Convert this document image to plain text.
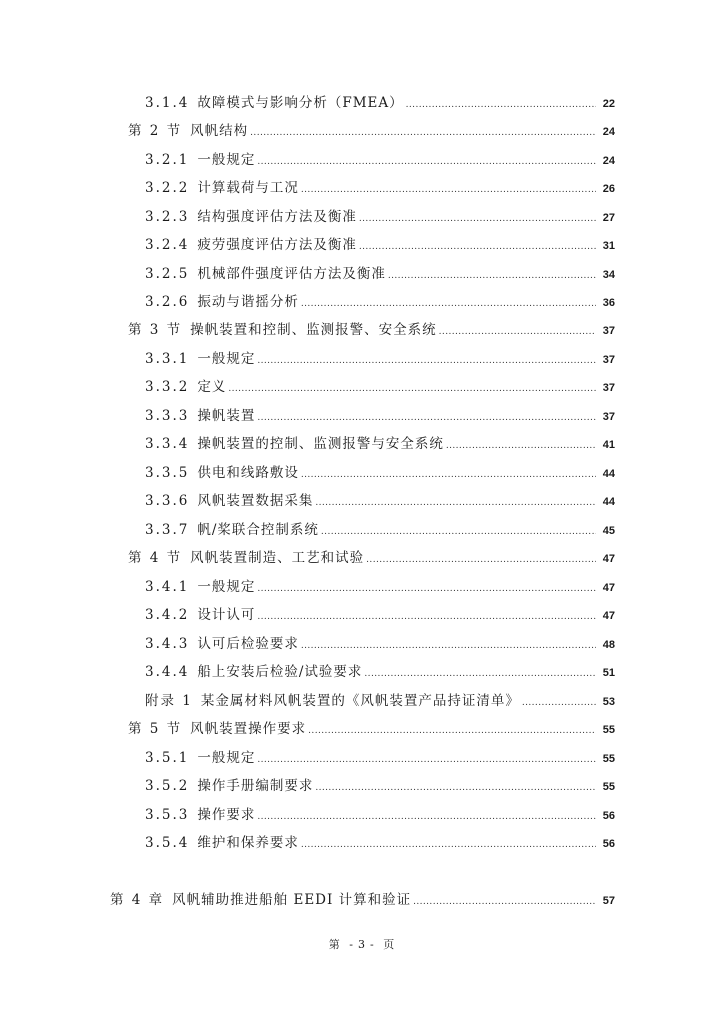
3.1.4 故障模式与影响分析（FMEA） .....	22
第 2 节 风帆结构 .....	24
3.2.1 一般规定 .....	24
3.2.2 计算载荷与工况 .....	26
3.2.3 结构强度评估方法及衡准 .....	27
3.2.4 疲劳强度评估方法及衡准 .....	31
3.2.5 机械部件强度评估方法及衡准 .....	34
3.2.6 振动与谐摇分析 .....	36
第 3 节 操帆装置和控制、监测报警、安全系统 .....	37
3.3.1 一般规定 .....	37
3.3.2 定义 .....	37
3.3.3 操帆装置 .....	37
3.3.4 操帆装置的控制、监测报警与安全系统 .....	41
3.3.5 供电和线路敷设 .....	44
3.3.6 风帆装置数据采集 .....	44
3.3.7 帆/桨联合控制系统 .....	45
第 4 节 风帆装置制造、工艺和试验 .....	47
3.4.1 一般规定 .....	47
3.4.2 设计认可 .....	47
3.4.3 认可后检验要求 .....	48
3.4.4 船上安装后检验/试验要求 .....	51
附录 1 某金属材料风帆装置的《风帆装置产品持证清单》 .....	53
第 5 节 风帆装置操作要求 .....	55
3.5.1 一般规定 .....	55
3.5.2 操作手册编制要求 .....	55
3.5.3 操作要求 .....	56
3.5.4 维护和保养要求 .....	56
第 4 章 风帆辅助推进船舶 EEDI 计算和验证 .....	57
第 - 3 - 页
